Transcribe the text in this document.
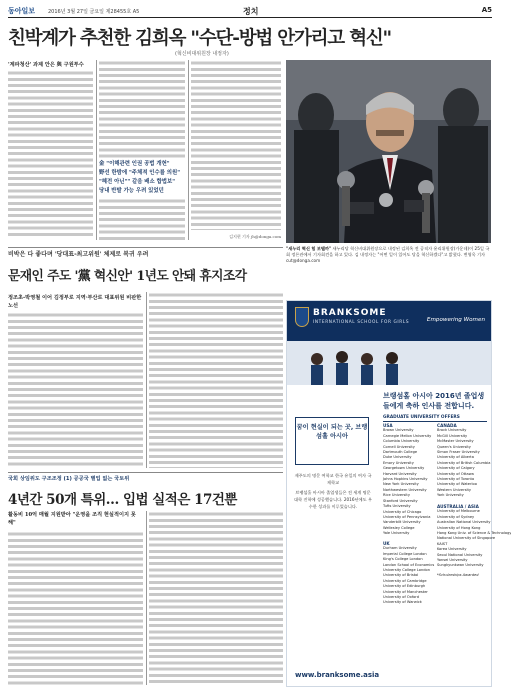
동아일보	2016년 3월 27일 금요일 제28455호 A5	정치	A5
친박계가 추천한 김희옥 "수단-방법 안가리고 혁신"
(혁신비대위원장 내정자)
'계파청산' 과제 안은 與 구원투수
金 "이해관련 인권 공법 개헌"
野선 한밤에 "주체적 인수를 의원"
"혜전 아닌"" 같음 배소 합법보"
당내 반발 가능 우려 있었던
김지현 기자 jh@donga.com
"새누리 혁신 힘 보탤까" 새누리당 혁신비대위원장으로 내정된 김희옥 전 공직자 윤리위원장(가운데)이 25일 국회 정론관에서 기자회견을 하고 있다. 김 내정자는 "어떤 일이 있어도 당을 혁신하겠다"고 밝혔다. 변영욱 기자 cut@donga.com
비박은 다 좋다며 '당대표-최고위원' 체제로 복귀 우려
문재인 주도 '黨 혁신안' 1년도 안돼 휴지조각
정조초-박영철 이어 김정부로 지역·부산로 대표위원 비판한 노선
국회 상임위도 구조조정 (1) 공공국 별업 없는 국토위
4년간 50개 특위… 입법 실적은 17건뿐
활동비 10억 매월 지원받아 "운영을 조직 현실적이지 못해"
BRANKSOME
INTERNATIONAL SCHOOL FOR GIRLS	Empowering Women
브랭섬홀 아시아 2016년 졸업생들에게 축하 인사를 전합니다.
GRADUATE UNIVERSITY OFFERS
꿈이 현실이 되는 곳, 브랭섬홀 아시아
제주도의 명문 여학교 한국 유일의 여자 국제학교
브랭섬홀 아시아 졸업생들은 전 세계 명문 대학 진학에 성공했습니다. 2016년에도 우수한 성과를 이루었습니다.
USA
Brown University
Carnegie Mellon University
Columbia University
Cornell University
Dartmouth College
Duke University
Emory University
Georgetown University
Harvard University
Johns Hopkins University
New York University
Northwestern University
Rice University
Stanford University
Tufts University
University of Chicago
University of Pennsylvania
Vanderbilt University
Wellesley College
Yale University
CANADA
Brock University
McGill University
McMaster University
Queen's University
Simon Fraser University
University of Alberta
University of British Columbia
University of Calgary
University of Ottawa
University of Toronto
University of Waterloo
Western University
York University
UK
Durham University
Imperial College London
King's College London
London School of Economics
University College London
University of Bristol
University of Cambridge
University of Edinburgh
University of Manchester
University of Oxford
University of Warwick
AUSTRALIA / ASIA
University of Melbourne
University of Sydney
Australian National University
University of Hong Kong
Hong Kong Univ. of Science & Technology
National University of Singapore
KAIST
Korea University
Seoul National University
Yonsei University
Sungkyunkwan University
*Scholarships Awarded
www.branksome.asia
